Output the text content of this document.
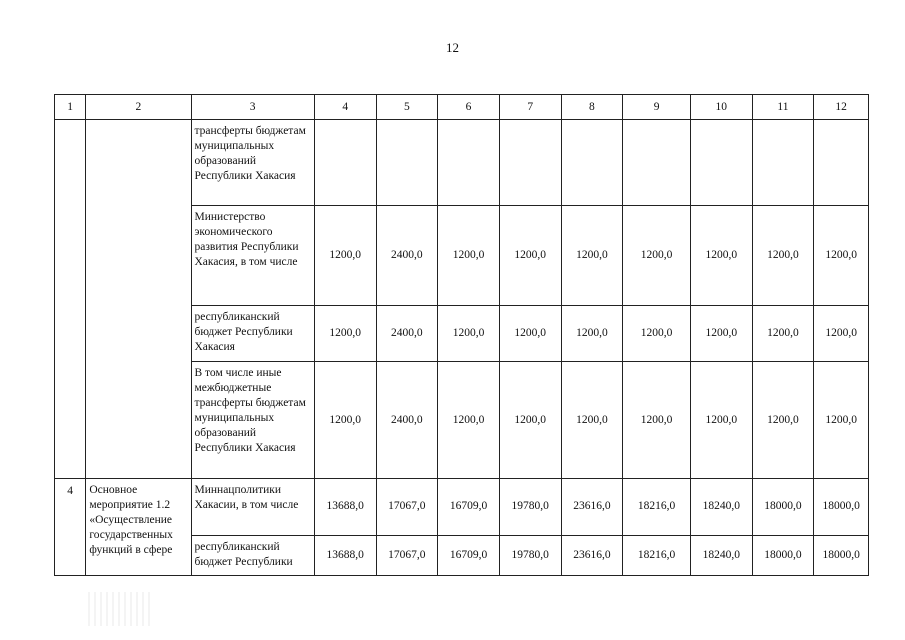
12
1	2	3	4	5	6	7	8	9	10	11	12
		трансферты бюджетам муниципальных образований Республики Хакасия									
		Министерство экономического развития Республики Хакасия, в том числе	1200,0	2400,0	1200,0	1200,0	1200,0	1200,0	1200,0	1200,0	1200,0
		республиканский бюджет Республики Хакасия	1200,0	2400,0	1200,0	1200,0	1200,0	1200,0	1200,0	1200,0	1200,0
		В том числе иные межбюджетные трансферты бюджетам муниципальных образований Республики Хакасия	1200,0	2400,0	1200,0	1200,0	1200,0	1200,0	1200,0	1200,0	1200,0
4	Основное мероприятие 1.2 «Осуществление государственных функций в сфере	Миннацполитики Хакасии, в том числе	13688,0	17067,0	16709,0	19780,0	23616,0	18216,0	18240,0	18000,0	18000,0
		республиканский бюджет Республики	13688,0	17067,0	16709,0	19780,0	23616,0	18216,0	18240,0	18000,0	18000,0
